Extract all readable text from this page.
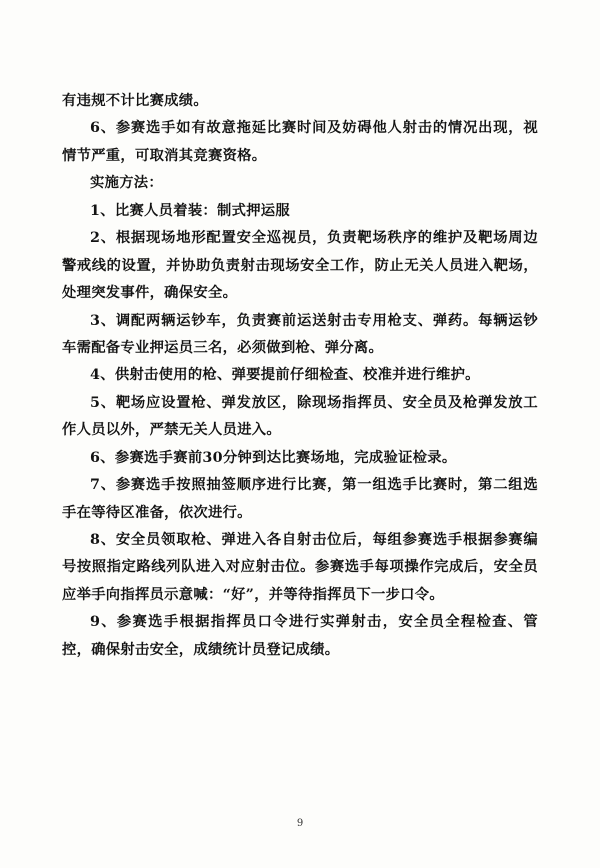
有违规不计比赛成绩。

6、参赛选手如有故意拖延比赛时间及妨碍他人射击的情况出现，视情节严重，可取消其竞赛资格。

实施方法：

1、比赛人员着装：制式押运服

2、根据现场地形配置安全巡视员，负责靶场秩序的维护及靶场周边警戒线的设置，并协助负责射击现场安全工作，防止无关人员进入靶场，处理突发事件，确保安全。

3、调配两辆运钞车，负责赛前运送射击专用枪支、弹药。每辆运钞车需配备专业押运员三名，必须做到枪、弹分离。

4、供射击使用的枪、弹要提前仔细检查、校准并进行维护。

5、靶场应设置枪、弹发放区，除现场指挥员、安全员及枪弹发放工作人员以外，严禁无关人员进入。

6、参赛选手赛前30分钟到达比赛场地，完成验证检录。

7、参赛选手按照抽签顺序进行比赛，第一组选手比赛时，第二组选手在等待区准备，依次进行。

8、安全员领取枪、弹进入各自射击位后，每组参赛选手根据参赛编号按照指定路线列队进入对应射击位。参赛选手每项操作完成后，安全员应举手向指挥员示意喊：“好”，并等待指挥员下一步口令。

9、参赛选手根据指挥员口令进行实弹射击，安全员全程检查、管控，确保射击安全，成绩统计员登记成绩。

9
